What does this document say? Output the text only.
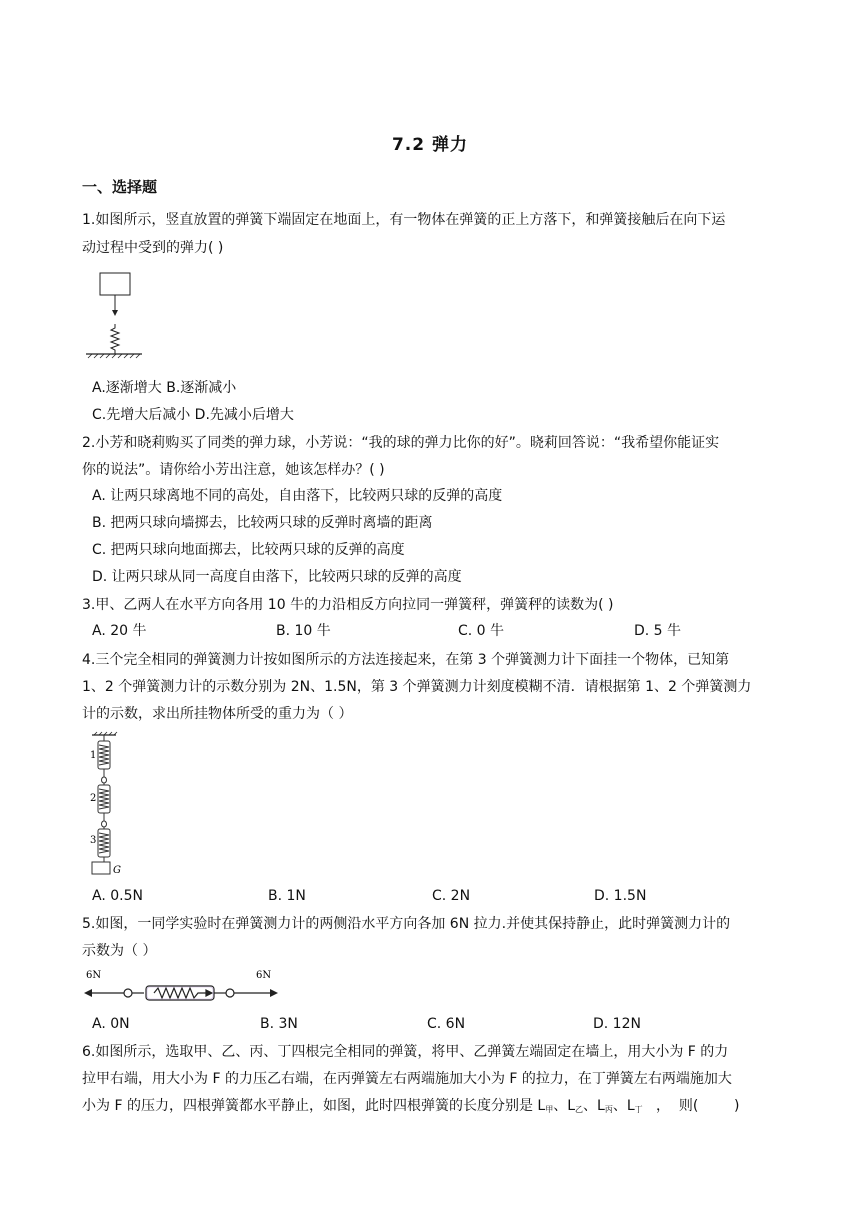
7.2 弹力
一、选择题
1.如图所示，竖直放置的弹簧下端固定在地面上，有一物体在弹簧的正上方落下，和弹簧接触后在向下运
动过程中受到的弹力( )
A.逐渐增大 B.逐渐减小
C.先增大后减小 D.先减小后增大
2.小芳和晓莉购买了同类的弹力球，小芳说：“我的球的弹力比你的好”。晓莉回答说：“我希望你能证实
你的说法”。请你给小芳出注意，她该怎样办？( )
A. 让两只球离地不同的高处，自由落下，比较两只球的反弹的高度
B. 把两只球向墙掷去，比较两只球的反弹时离墙的距离
C. 把两只球向地面掷去，比较两只球的反弹的高度
D. 让两只球从同一高度自由落下，比较两只球的反弹的高度
3.甲、乙两人在水平方向各用 10 牛的力沿相反方向拉同一弹簧秤，弹簧秤的读数为( )
A. 20 牛	B. 10 牛	C. 0 牛	D. 5 牛
4.三个完全相同的弹簧测力计按如图所示的方法连接起来，在第 3 个弹簧测力计下面挂一个物体，已知第
1、2 个弹簧测力计的示数分别为 2N、1.5N，第 3 个弹簧测力计刻度模糊不清．请根据第 1、2 个弹簧测力
计的示数，求出所挂物体所受的重力为（ ）
1
2
3
G
A. 0.5N	B. 1N	C. 2N	D. 1.5N
5.如图，一同学实验时在弹簧测力计的两侧沿水平方向各加 6N 拉力.并使其保持静止，此时弹簧测力计的
示数为（ ）
6N	6N
A. 0N	B. 3N	C. 6N	D. 12N
6.如图所示，选取甲、乙、丙、丁四根完全相同的弹簧，将甲、乙弹簧左端固定在墙上，用大小为 F 的力
拉甲右端，用大小为 F 的力压乙右端，在丙弹簧左右两端施加大小为 F 的拉力，在丁弹簧左右两端施加大
小为 F 的压力，四根弹簧都水平静止，如图，此时四根弹簧的长度分别是 $L_甲$、$L_乙$、$L_丙$、$L_丁$   ，  则(        )
